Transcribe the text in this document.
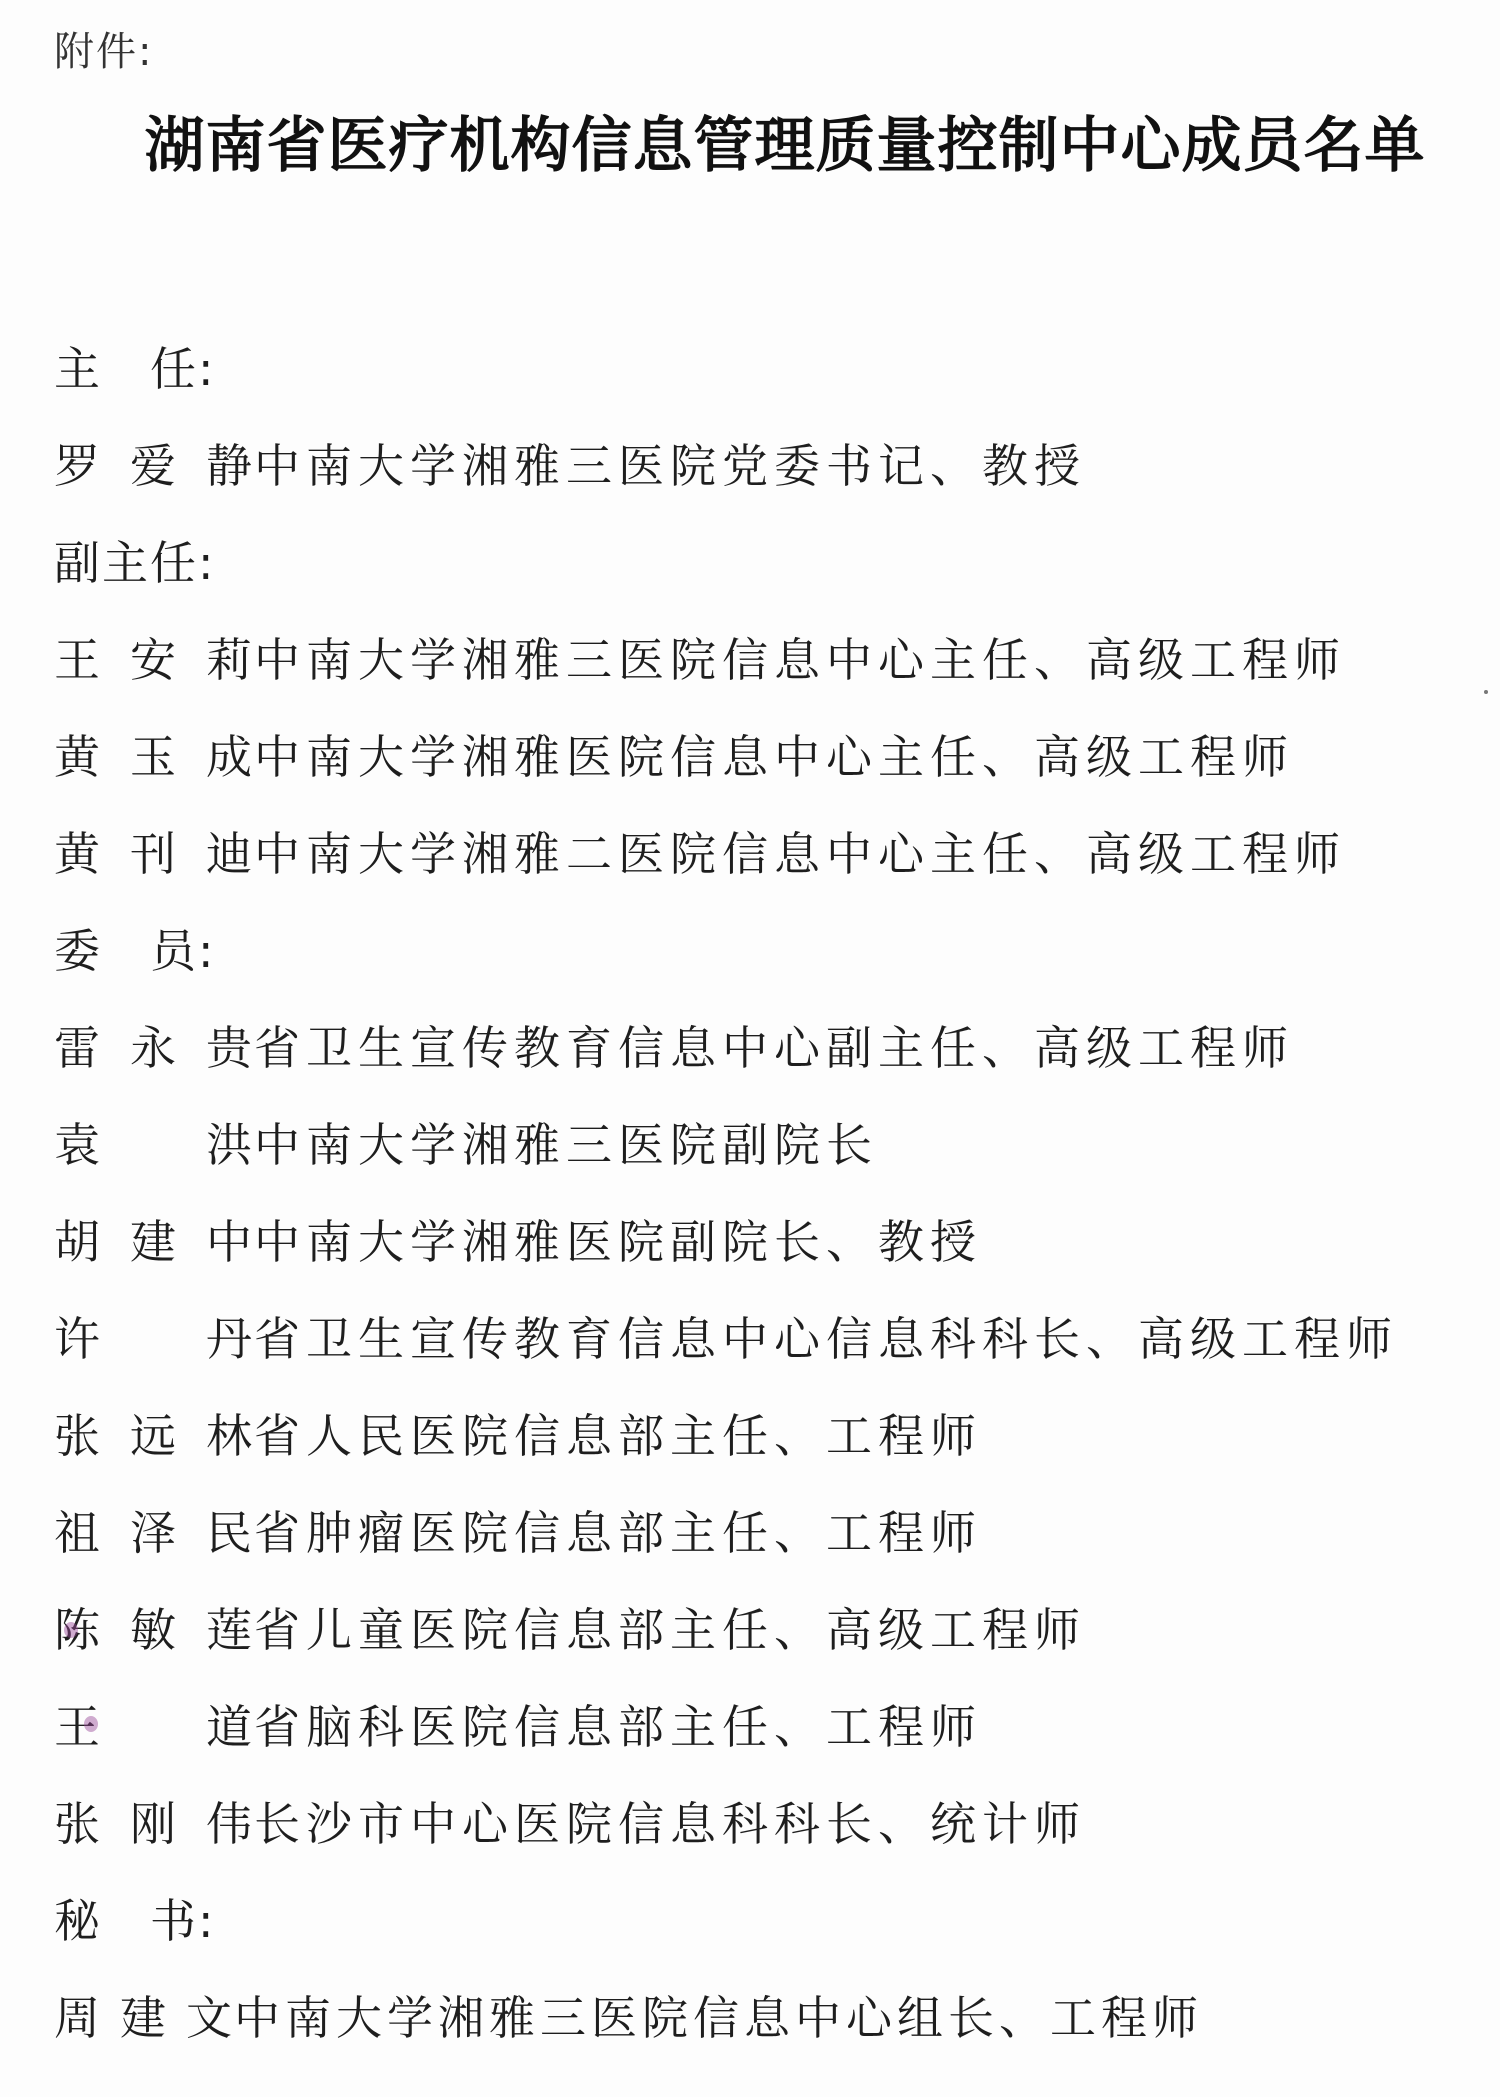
附件:
湖南省医疗机构信息管理质量控制中心成员名单
主　任:
罗爱静 中南大学湘雅三医院党委书记、教授
副主任:
王安莉 中南大学湘雅三医院信息中心主任、高级工程师
黄玉成 中南大学湘雅医院信息中心主任、高级工程师
黄刊迪 中南大学湘雅二医院信息中心主任、高级工程师
委　员:
雷永贵 省卫生宣传教育信息中心副主任、高级工程师
袁　洪 中南大学湘雅三医院副院长
胡建中 中南大学湘雅医院副院长、教授
许　丹 省卫生宣传教育信息中心信息科科长、高级工程师
张远林 省人民医院信息部主任、工程师
祖泽民 省肿瘤医院信息部主任、工程师
陈敏莲 省儿童医院信息部主任、高级工程师
王　道 省脑科医院信息部主任、工程师
张刚伟 长沙市中心医院信息科科长、统计师
秘　书:
周建文 中南大学湘雅三医院信息中心组长、工程师
